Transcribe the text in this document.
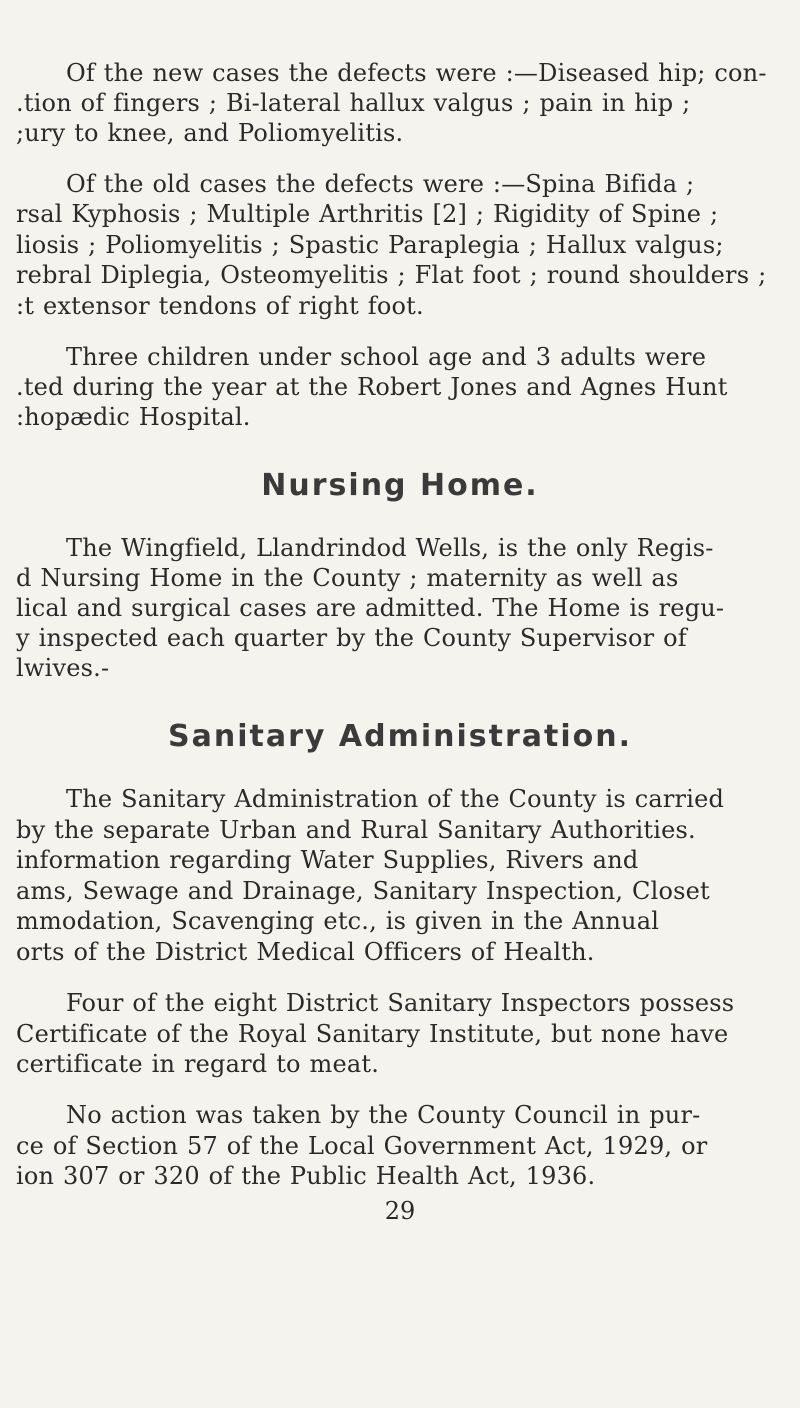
Of the new cases the defects were :—Diseased hip; con-
.tion of fingers ; Bi-lateral hallux valgus ; pain in hip ;
;ury to knee, and Poliomyelitis.
Of the old cases the defects were :—Spina Bifida ;
rsal Kyphosis ; Multiple Arthritis [2] ; Rigidity of Spine ;
liosis ; Poliomyelitis ; Spastic Paraplegia ; Hallux valgus;
rebral Diplegia, Osteomyelitis ; Flat foot ; round shoulders ;
:t extensor tendons of right foot.
Three children under school age and 3 adults were
.ted during the year at the Robert Jones and Agnes Hunt
:hopædic Hospital.
Nursing Home.
The Wingfield, Llandrindod Wells, is the only Regis-
d Nursing Home in the County ; maternity as well as
lical and surgical cases are admitted. The Home is regu-
y inspected each quarter by the County Supervisor of
lwives.-
Sanitary Administration.
The Sanitary Administration of the County is carried
by the separate Urban and Rural Sanitary Authorities.
information regarding Water Supplies, Rivers and
ams, Sewage and Drainage, Sanitary Inspection, Closet
mmodation, Scavenging etc., is given in the Annual
orts of the District Medical Officers of Health.
Four of the eight District Sanitary Inspectors possess
Certificate of the Royal Sanitary Institute, but none have
certificate in regard to meat.
No action was taken by the County Council in pur-
ce of Section 57 of the Local Government Act, 1929, or
ion 307 or 320 of the Public Health Act, 1936.
29
